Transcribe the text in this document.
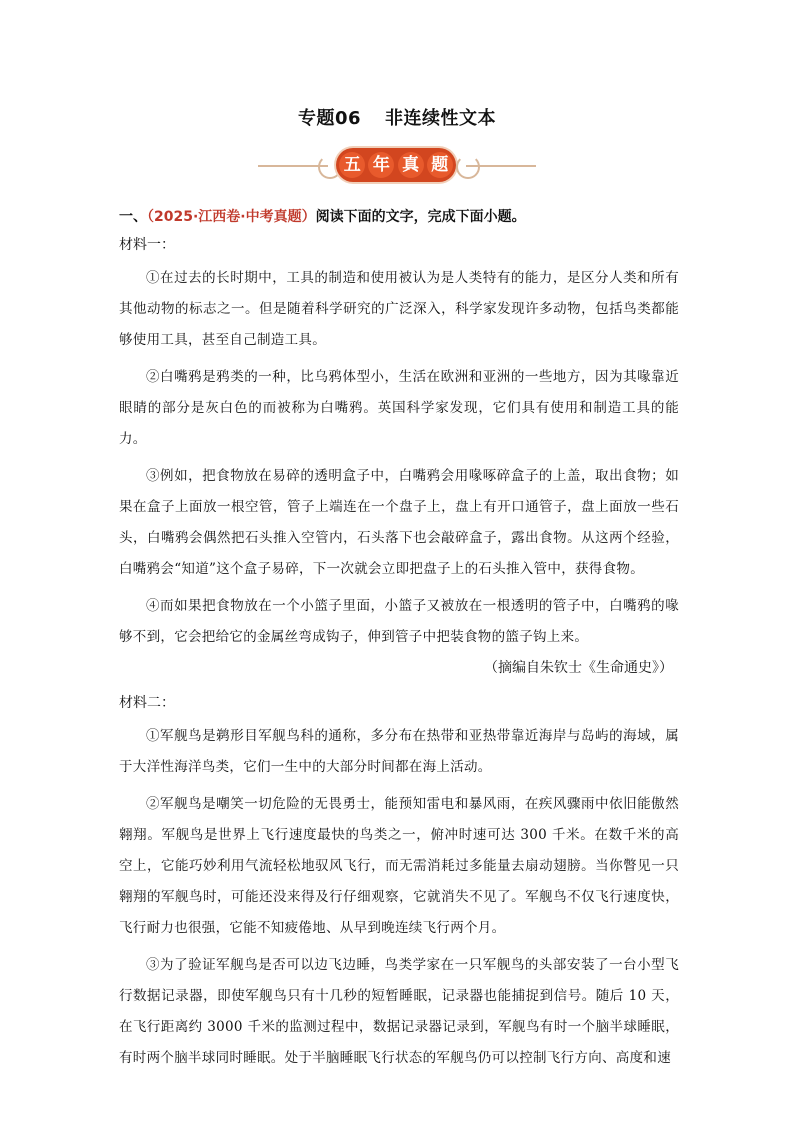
专题06 非连续性文本
五 年 真 题
一、（2025·江西卷·中考真题）阅读下面的文字，完成下面小题。
材料一：

①在过去的长时期中，工具的制造和使用被认为是人类特有的能力，是区分人类和所有其他动物的标志之一。但是随着科学研究的广泛深入，科学家发现许多动物，包括鸟类都能够使用工具，甚至自己制造工具。

②白嘴鸦是鸦类的一种，比乌鸦体型小，生活在欧洲和亚洲的一些地方，因为其喙靠近眼睛的部分是灰白色的而被称为白嘴鸦。英国科学家发现，它们具有使用和制造工具的能力。

③例如，把食物放在易碎的透明盒子中，白嘴鸦会用喙啄碎盒子的上盖，取出食物；如果在盒子上面放一根空管，管子上端连在一个盘子上，盘上有开口通管子，盘上面放一些石头，白嘴鸦会偶然把石头推入空管内，石头落下也会敲碎盒子，露出食物。从这两个经验，白嘴鸦会“知道”这个盒子易碎，下一次就会立即把盘子上的石头推入管中，获得食物。

④而如果把食物放在一个小篮子里面，小篮子又被放在一根透明的管子中，白嘴鸦的喙够不到，它会把给它的金属丝弯成钩子，伸到管子中把装食物的篮子钩上来。

（摘编自朱钦士《生命通史》）
材料二：

①军舰鸟是鹈形目军舰鸟科的通称，多分布在热带和亚热带靠近海岸与岛屿的海域，属于大洋性海洋鸟类，它们一生中的大部分时间都在海上活动。

②军舰鸟是嘲笑一切危险的无畏勇士，能预知雷电和暴风雨，在疾风骤雨中依旧能傲然翱翔。军舰鸟是世界上飞行速度最快的鸟类之一，俯冲时速可达 300 千米。在数千米的高空上，它能巧妙利用气流轻松地驭风飞行，而无需消耗过多能量去扇动翅膀。当你瞥见一只翱翔的军舰鸟时，可能还没来得及行仔细观察，它就消失不见了。军舰鸟不仅飞行速度快，飞行耐力也很强，它能不知疲倦地、从早到晚连续飞行两个月。

③为了验证军舰鸟是否可以边飞边睡，鸟类学家在一只军舰鸟的头部安装了一台小型飞行数据记录器，即使军舰鸟只有十几秒的短暂睡眠，记录器也能捕捉到信号。随后 10 天，在飞行距离约 3000 千米的监测过程中，数据记录器记录到，军舰鸟有时一个脑半球睡眠，有时两个脑半球同时睡眠。处于半脑睡眠飞行状态的军舰鸟仍可以控制飞行方向、高度和速
